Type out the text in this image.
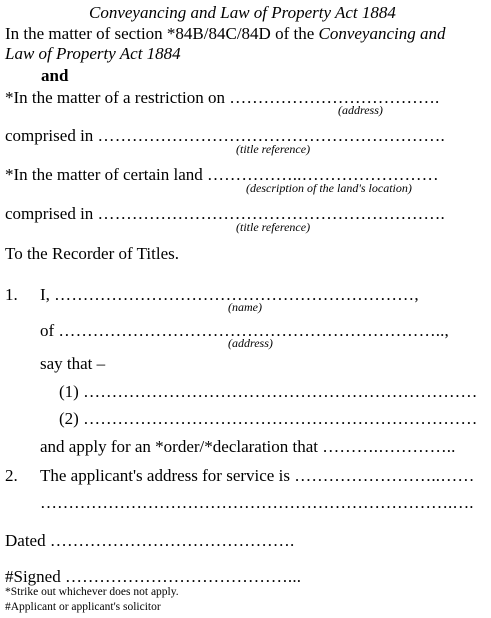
Conveyancing and Law of Property Act 1884
In the matter of section *84B/84C/84D of the Conveyancing and
Law of Property Act 1884
and
*In the matter of a restriction on ……………………………….
(address)
comprised in …………………………………………………….
(title reference)
*In the matter of certain land ……………..……………………
(description of the land's location)
comprised in …………………………………………………….
(title reference)
To the Recorder of Titles.
1. I, ………………………………………………………,
(name)
of …………………………………………………………..,
(address)
say that –
(1) ……………………………………………………………
(2) ……………………………………………………………
and apply for an *order/*declaration that ……….…………..
2. The applicant's address for service is ……………………..……
……………………………………………………………….….
Dated …………………………………….
#Signed …………………………………...
*Strike out whichever does not apply.
#Applicant or applicant's solicitor
